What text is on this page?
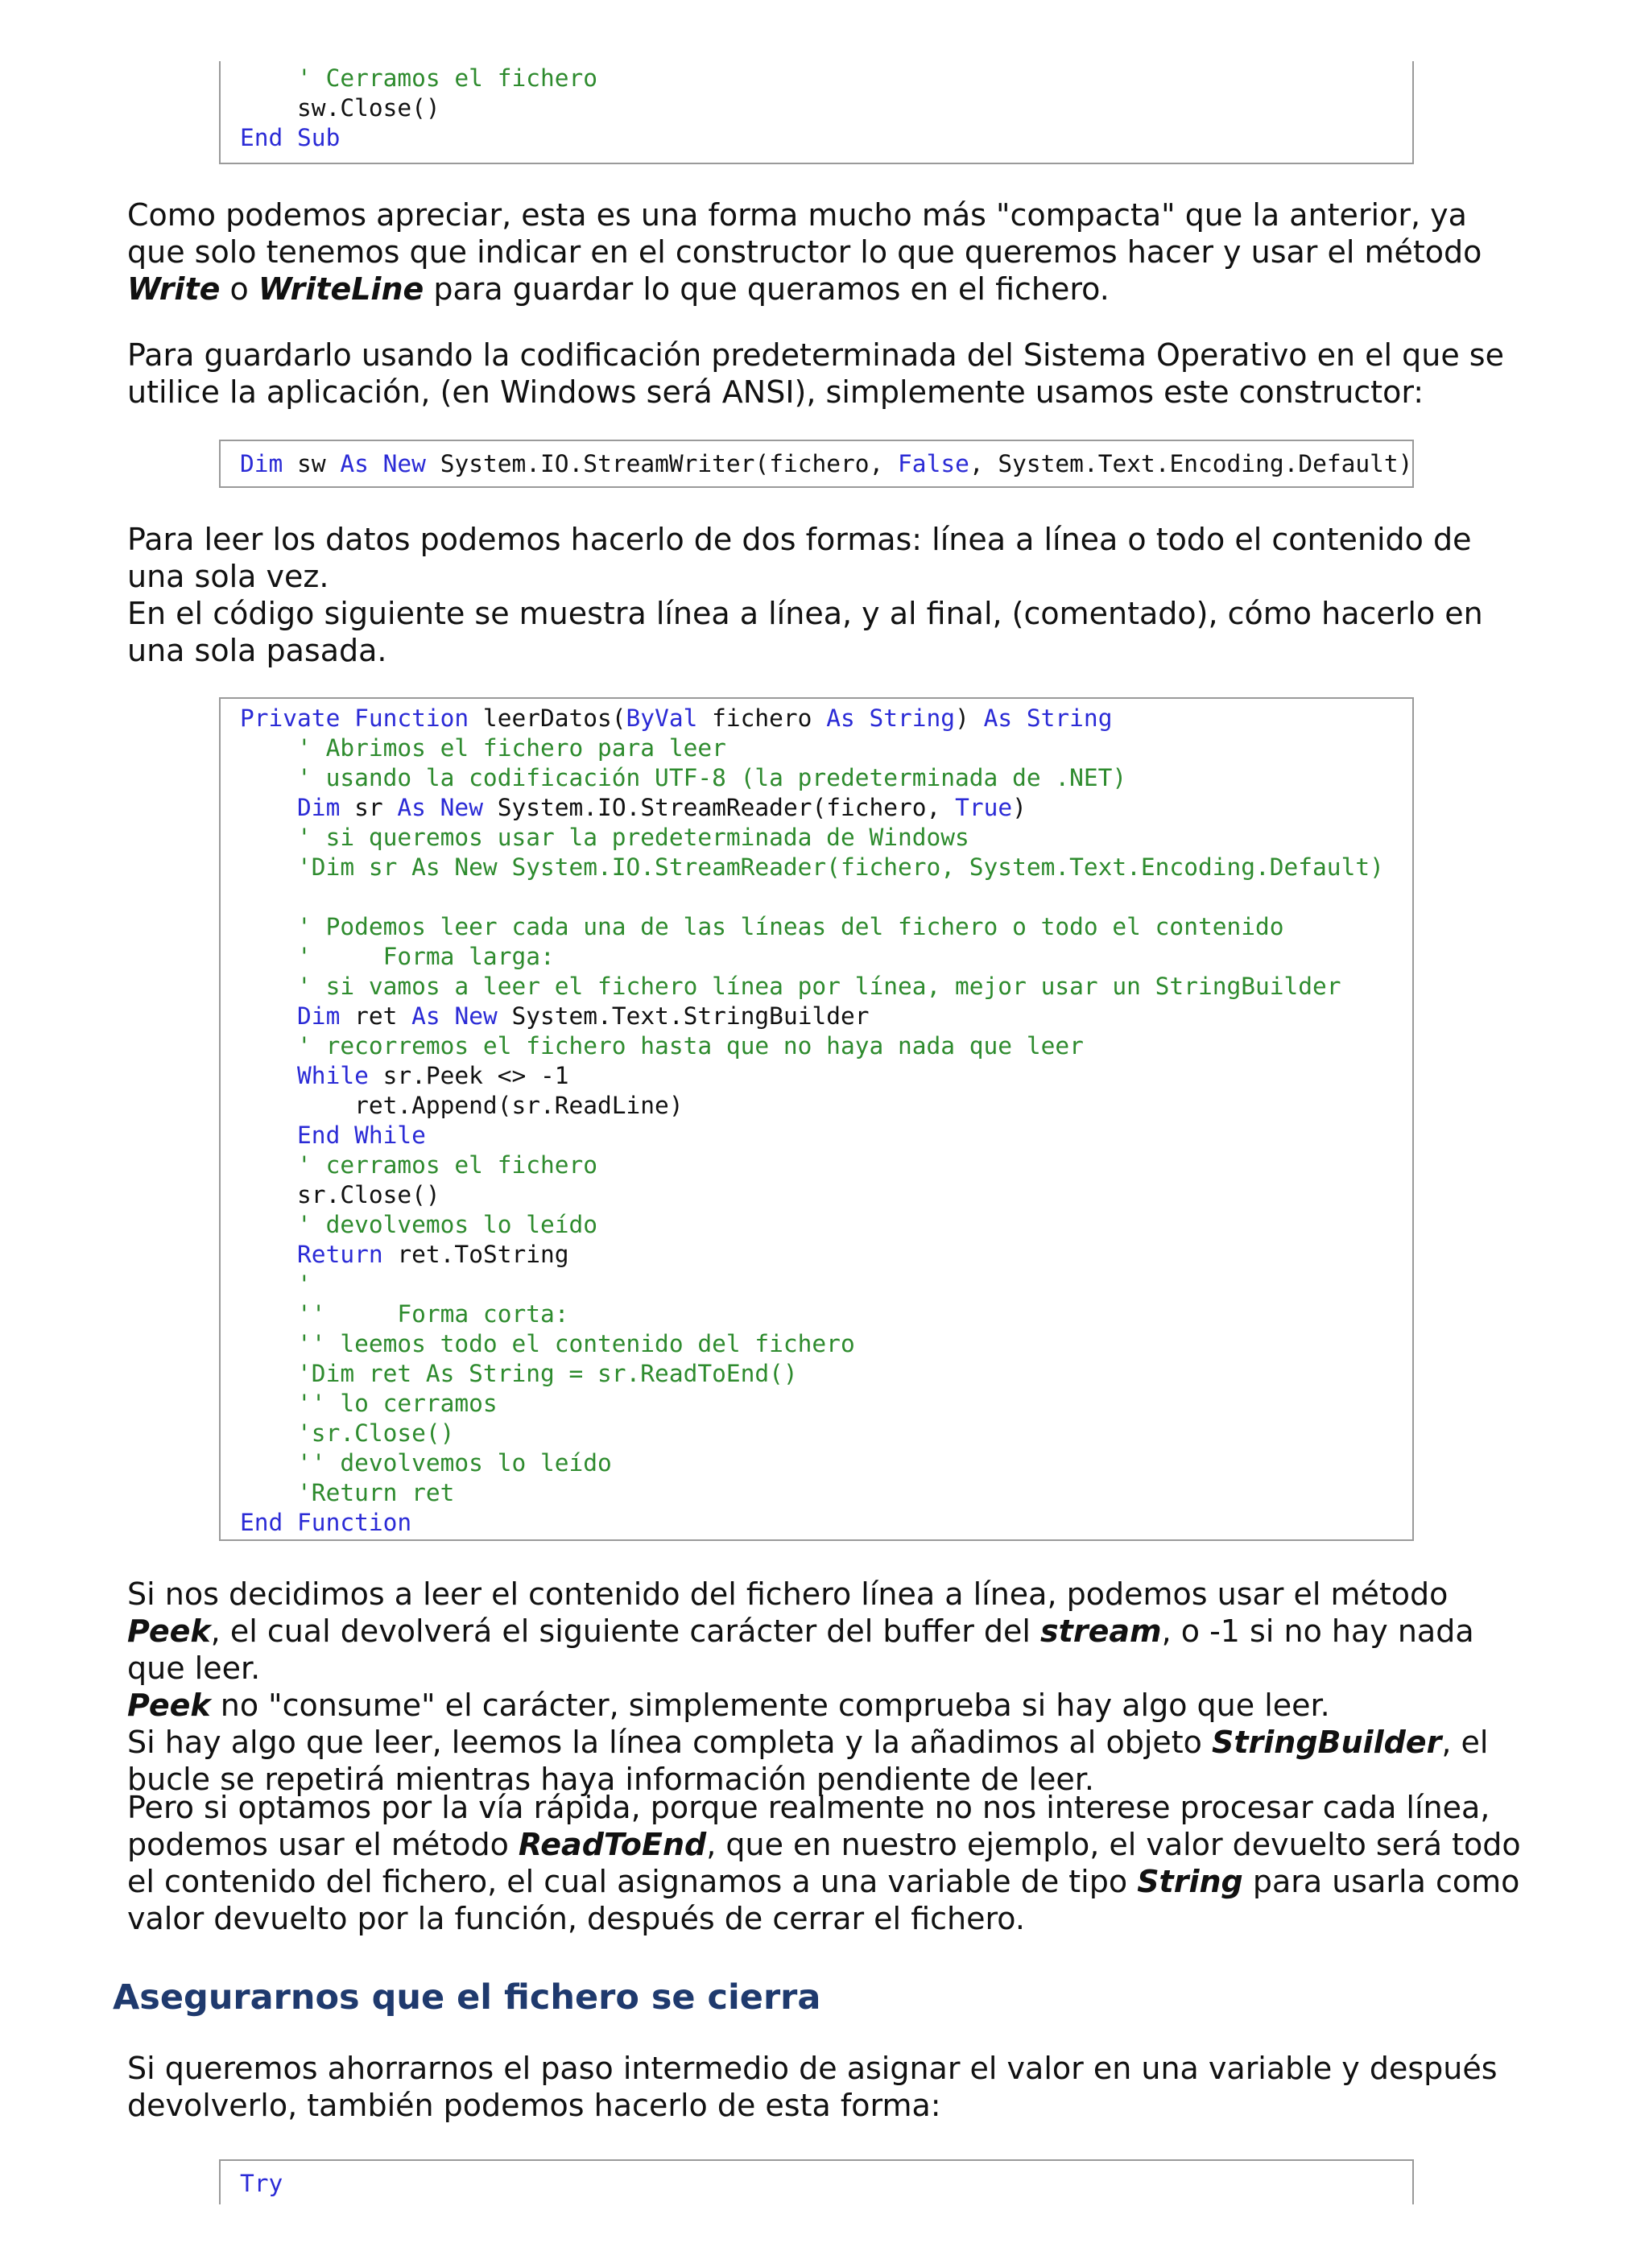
' Cerramos el fichero
sw.Close()
End Sub
Como podemos apreciar, esta es una forma mucho más "compacta" que la anterior, ya que solo tenemos que indicar en el constructor lo que queremos hacer y usar el método Write o WriteLine para guardar lo que queramos en el fichero.
Para guardarlo usando la codificación predeterminada del Sistema Operativo en el que se utilice la aplicación, (en Windows será ANSI), simplemente usamos este constructor:
Dim sw As New System.IO.StreamWriter(fichero, False, System.Text.Encoding.Default)

Para leer los datos podemos hacerlo de dos formas: línea a línea o todo el contenido de una sola vez.

En el código siguiente se muestra línea a línea, y al final, (comentado), cómo hacerlo en una sola pasada.

Private Function leerDatos(ByVal fichero As String) As String
' Abrimos el fichero para leer
' usando la codificación UTF-8 (la predeterminada de .NET)
Dim sr As New System.IO.StreamReader(fichero, True)
' si queremos usar la predeterminada de Windows
'Dim sr As New System.IO.StreamReader(fichero, System.Text.Encoding.Default)
' Podemos leer cada una de las líneas del fichero o todo el contenido
'     Forma larga:
' si vamos a leer el fichero línea por línea, mejor usar un StringBuilder
Dim ret As New System.Text.StringBuilder
' recorremos el fichero hasta que no haya nada que leer
While sr.Peek <> -1
ret.Append(sr.ReadLine)
End While
' cerramos el fichero
sr.Close()
' devolvemos lo leído
Return ret.ToString
'
''     Forma corta:
'' leemos todo el contenido del fichero
'Dim ret As String = sr.ReadToEnd()
'' lo cerramos
'sr.Close()
'' devolvemos lo leído
'Return ret
End Function

Si nos decidimos a leer el contenido del fichero línea a línea, podemos usar el método Peek, el cual devolverá el siguiente carácter del buffer del stream, o -1 si no hay nada que leer.

Peek no "consume" el carácter, simplemente comprueba si hay algo que leer.

Si hay algo que leer, leemos la línea completa y la añadimos al objeto StringBuilder, el bucle se repetirá mientras haya información pendiente de leer.

Pero si optamos por la vía rápida, porque realmente no nos interese procesar cada línea, podemos usar el método ReadToEnd, que en nuestro ejemplo, el valor devuelto será todo el contenido del fichero, el cual asignamos a una variable de tipo String para usarla como valor devuelto por la función, después de cerrar el fichero.
Asegurarnos que el fichero se cierra
Si queremos ahorrarnos el paso intermedio de asignar el valor en una variable y después devolverlo, también podemos hacerlo de esta forma:
Try
